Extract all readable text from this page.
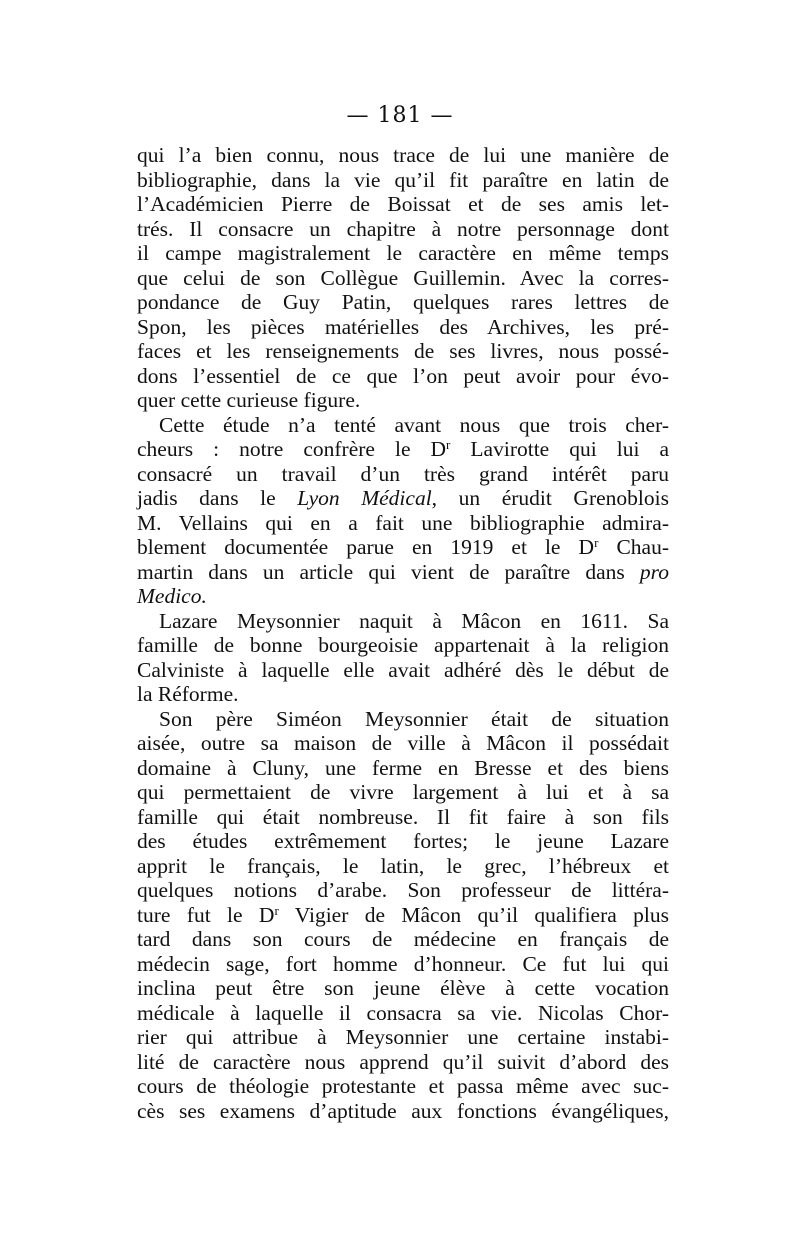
— 181 —
qui l’a bien connu, nous trace de lui une manière de
bibliographie, dans la vie qu’il fit paraître en latin de
l’Académicien Pierre de Boissat et de ses amis let-
trés. Il consacre un chapitre à notre personnage dont
il campe magistralement le caractère en même temps
que celui de son Collègue Guillemin. Avec la corres-
pondance de Guy Patin, quelques rares lettres de
Spon, les pièces matérielles des Archives, les pré-
faces et les renseignements de ses livres, nous possé-
dons l’essentiel de ce que l’on peut avoir pour évo-
quer cette curieuse figure.
Cette étude n’a tenté avant nous que trois cher-
cheurs : notre confrère le $D^r$ Lavirotte qui lui a
consacré un travail d’un très grand intérêt paru
jadis dans le Lyon Médical, un érudit Grenoblois
M. Vellains qui en a fait une bibliographie admira-
blement documentée parue en 1919 et le $D^r$ Chau-
martin dans un article qui vient de paraître dans pro
Medico.
Lazare Meysonnier naquit à Mâcon en 1611. Sa
famille de bonne bourgeoisie appartenait à la religion
Calviniste à laquelle elle avait adhéré dès le début de
la Réforme.
Son père Siméon Meysonnier était de situation
aisée, outre sa maison de ville à Mâcon il possédait
domaine à Cluny, une ferme en Bresse et des biens
qui permettaient de vivre largement à lui et à sa
famille qui était nombreuse. Il fit faire à son fils
des études extrêmement fortes; le jeune Lazare
apprit le français, le latin, le grec, l’hébreux et
quelques notions d’arabe. Son professeur de littéra-
ture fut le $D^r$ Vigier de Mâcon qu’il qualifiera plus
tard dans son cours de médecine en français de
médecin sage, fort homme d’honneur. Ce fut lui qui
inclina peut être son jeune élève à cette vocation
médicale à laquelle il consacra sa vie. Nicolas Chor-
rier qui attribue à Meysonnier une certaine instabi-
lité de caractère nous apprend qu’il suivit d’abord des
cours de théologie protestante et passa même avec suc-
cès ses examens d’aptitude aux fonctions évangéliques,
